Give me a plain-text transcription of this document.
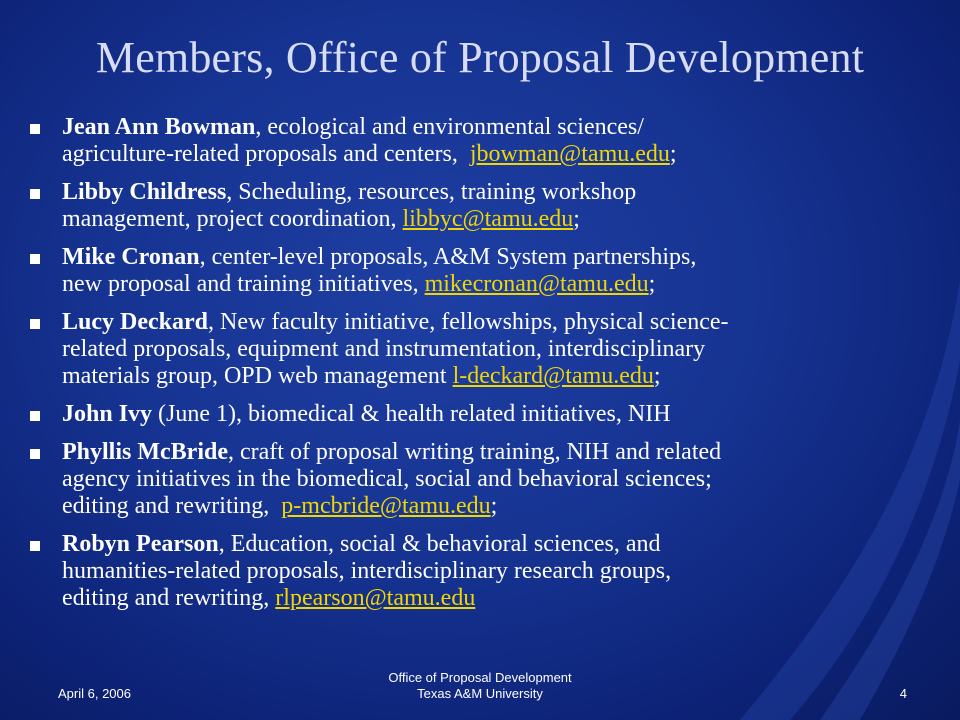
Members, Office of Proposal Development
Jean Ann Bowman, ecological and environmental sciences/
agriculture-related proposals and centers,  jbowman@tamu.edu;
Libby Childress, Scheduling, resources, training workshop
management, project coordination, libbyc@tamu.edu;
Mike Cronan, center-level proposals, A&M System partnerships,
new proposal and training initiatives, mikecronan@tamu.edu;
Lucy Deckard, New faculty initiative, fellowships, physical science-
related proposals, equipment and instrumentation, interdisciplinary
materials group, OPD web management l-deckard@tamu.edu;
John Ivy (June 1), biomedical & health related initiatives, NIH
Phyllis McBride, craft of proposal writing training, NIH and related
agency initiatives in the biomedical, social and behavioral sciences;
editing and rewriting,  p-mcbride@tamu.edu;
Robyn Pearson, Education, social & behavioral sciences, and
humanities-related proposals, interdisciplinary research groups,
editing and rewriting, rlpearson@tamu.edu
April 6, 2006
Office of Proposal Development
Texas A&M University	4
